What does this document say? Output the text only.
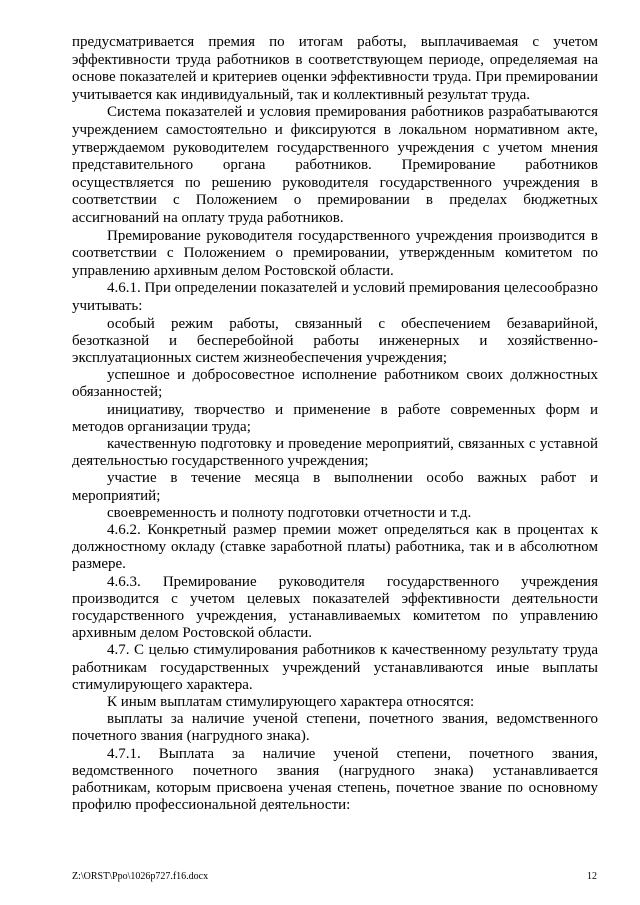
предусматривается премия по итогам работы, выплачиваемая с учетом эффективности труда работников в соответствующем периоде, определяемая на основе показателей и критериев оценки эффективности труда. При премировании учитывается как индивидуальный, так и коллективный результат труда.

Система показателей и условия премирования работников разрабатываются учреждением самостоятельно и фиксируются в локальном нормативном акте, утверждаемом руководителем государственного учреждения с учетом мнения представительного органа работников. Премирование работников осуществляется по решению руководителя государственного учреждения в соответствии с Положением о премировании в пределах бюджетных ассигнований на оплату труда работников.

Премирование руководителя государственного учреждения производится в соответствии с Положением о премировании, утвержденным комитетом по управлению архивным делом Ростовской области.

4.6.1. При определении показателей и условий премирования целесообразно учитывать:

особый режим работы, связанный с обеспечением безаварийной, безотказной и бесперебойной работы инженерных и хозяйственно-эксплуатационных систем жизнеобеспечения учреждения;

успешное и добросовестное исполнение работником своих должностных обязанностей;

инициативу, творчество и применение в работе современных форм и методов организации труда;

качественную подготовку и проведение мероприятий, связанных с уставной деятельностью государственного учреждения;

участие в течение месяца в выполнении особо важных работ и мероприятий;

своевременность и полноту подготовки отчетности и т.д.

4.6.2. Конкретный размер премии может определяться как в процентах к должностному окладу (ставке заработной платы) работника, так и в абсолютном размере.

4.6.3. Премирование руководителя государственного учреждения производится с учетом целевых показателей эффективности деятельности государственного учреждения, устанавливаемых комитетом по управлению архивным делом Ростовской области.

4.7. С целью стимулирования работников к качественному результату труда работникам государственных учреждений устанавливаются иные выплаты стимулирующего характера.

К иным выплатам стимулирующего характера относятся:

выплаты за наличие ученой степени, почетного звания, ведомственного почетного звания (нагрудного знака).

4.7.1. Выплата за наличие ученой степени, почетного звания, ведомственного почетного звания (нагрудного знака) устанавливается работникам, которым присвоена ученая степень, почетное звание по основному профилю профессиональной деятельности:

Z:\ORST\Ppo\1026p727.f16.docx	12
